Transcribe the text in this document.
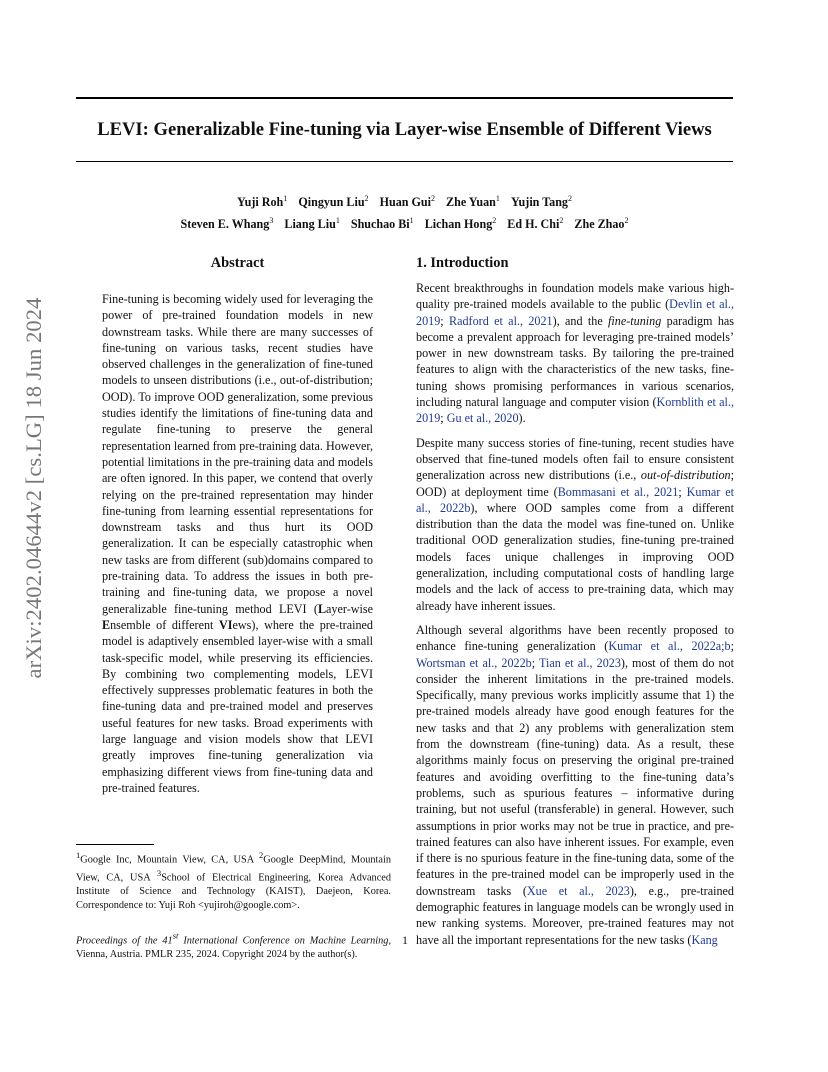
LEVI: Generalizable Fine-tuning via Layer-wise Ensemble of Different Views
Yuji Roh$^1$ Qingyun Liu$^2$ Huan Gui$^2$ Zhe Yuan$^1$ Yujin Tang$^2$
Steven E. Whang$^3$ Liang Liu$^1$ Shuchao Bi$^1$ Lichan Hong$^2$ Ed H. Chi$^2$ Zhe Zhao$^2$
arXiv:2402.04644v2 [cs.LG] 18 Jun 2024
Abstract

Fine-tuning is becoming widely used for leveraging the power of pre-trained foundation models in new downstream tasks. While there are many successes of fine-tuning on various tasks, recent studies have observed challenges in the generalization of fine-tuned models to unseen distributions (i.e., out-of-distribution; OOD). To improve OOD generalization, some previous studies identify the limitations of fine-tuning data and regulate fine-tuning to preserve the general representation learned from pre-training data. However, potential limitations in the pre-training data and models are often ignored. In this paper, we contend that overly relying on the pre-trained representation may hinder fine-tuning from learning essential representations for downstream tasks and thus hurt its OOD generalization. It can be especially catastrophic when new tasks are from different (sub)domains compared to pre-training data. To address the issues in both pre-training and fine-tuning data, we propose a novel generalizable fine-tuning method LEVI (Layer-wise Ensemble of different VIews), where the pre-trained model is adaptively ensembled layer-wise with a small task-specific model, while preserving its efficiencies. By combining two complementing models, LEVI effectively suppresses problematic features in both the fine-tuning data and pre-trained model and preserves useful features for new tasks. Broad experiments with large language and vision models show that LEVI greatly improves fine-tuning generalization via emphasizing different views from fine-tuning data and pre-trained features.

$^1$Google Inc, Mountain View, CA, USA $^2$Google DeepMind, Mountain View, CA, USA $^3$School of Electrical Engineering, Korea Advanced Institute of Science and Technology (KAIST), Daejeon, Korea. Correspondence to: Yuji Roh <yujiroh@google.com>.

Proceedings of the 41st International Conference on Machine Learning, Vienna, Austria. PMLR 235, 2024. Copyright 2024 by the author(s).

1. Introduction

Recent breakthroughs in foundation models make various high-quality pre-trained models available to the public (Devlin et al., 2019; Radford et al., 2021), and the fine-tuning paradigm has become a prevalent approach for leveraging pre-trained models’ power in new downstream tasks. By tailoring the pre-trained features to align with the characteristics of the new tasks, fine-tuning shows promising performances in various scenarios, including natural language and computer vision (Kornblith et al., 2019; Gu et al., 2020).

Despite many success stories of fine-tuning, recent studies have observed that fine-tuned models often fail to ensure consistent generalization across new distributions (i.e., out-of-distribution; OOD) at deployment time (Bommasani et al., 2021; Kumar et al., 2022b), where OOD samples come from a different distribution than the data the model was fine-tuned on. Unlike traditional OOD generalization studies, fine-tuning pre-trained models faces unique challenges in improving OOD generalization, including computational costs of handling large models and the lack of access to pre-training data, which may already have inherent issues.

Although several algorithms have been recently proposed to enhance fine-tuning generalization (Kumar et al., 2022a;b; Wortsman et al., 2022b; Tian et al., 2023), most of them do not consider the inherent limitations in the pre-trained models. Specifically, many previous works implicitly assume that 1) the pre-trained models already have good enough features for the new tasks and that 2) any problems with generalization stem from the downstream (fine-tuning) data. As a result, these algorithms mainly focus on preserving the original pre-trained features and avoiding overfitting to the fine-tuning data’s problems, such as spurious features – informative during training, but not useful (transferable) in general. However, such assumptions in prior works may not be true in practice, and pre-trained features can also have inherent issues. For example, even if there is no spurious feature in the fine-tuning data, some of the features in the pre-trained model can be improperly used in the downstream tasks (Xue et al., 2023), e.g., pre-trained demographic features in language models can be wrongly used in new ranking systems. Moreover, pre-trained features may not have all the important representations for the new tasks (Kang

1
